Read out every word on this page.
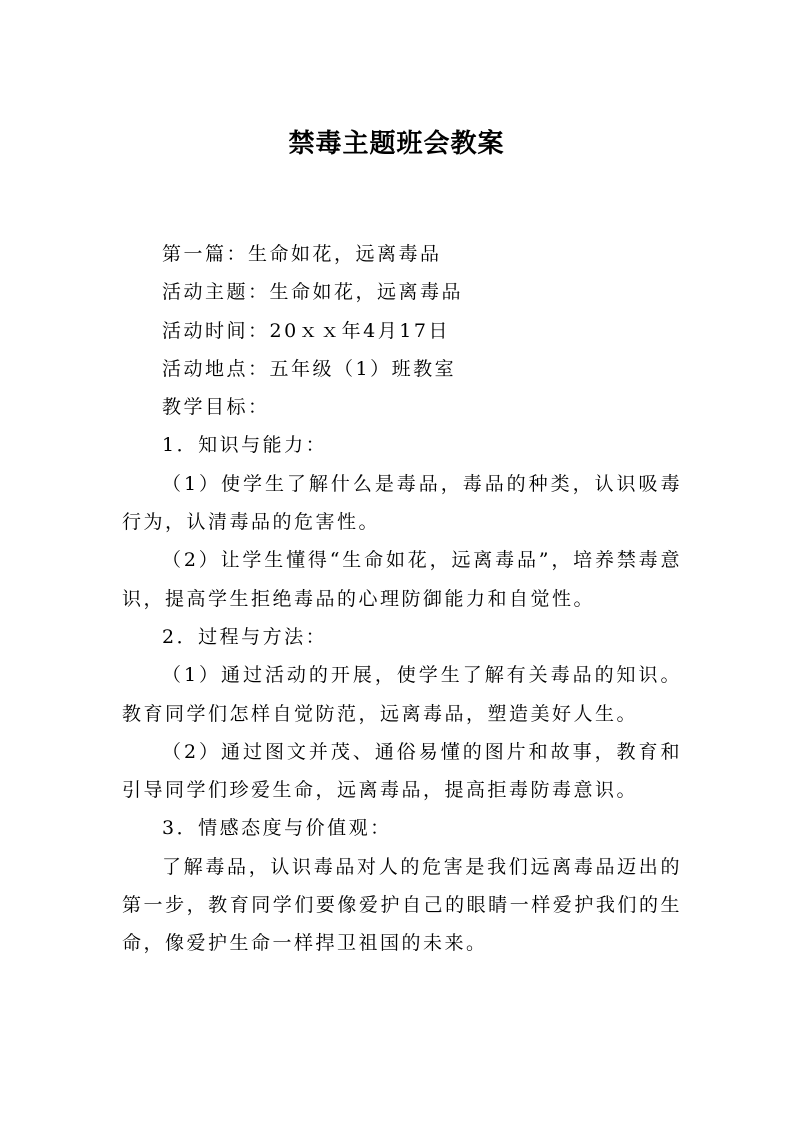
禁毒主题班会教案

第一篇：生命如花，远离毒品

活动主题：生命如花，远离毒品

活动时间：20ｘｘ年4月17日

活动地点：五年级（1）班教室

教学目标：

1．知识与能力：

（1）使学生了解什么是毒品，毒品的种类，认识吸毒行为，认清毒品的危害性。

（2）让学生懂得“生命如花，远离毒品”，培养禁毒意识，提高学生拒绝毒品的心理防御能力和自觉性。

2．过程与方法：

（1）通过活动的开展，使学生了解有关毒品的知识。教育同学们怎样自觉防范，远离毒品，塑造美好人生。

（2）通过图文并茂、通俗易懂的图片和故事，教育和引导同学们珍爱生命，远离毒品，提高拒毒防毒意识。

3．情感态度与价值观：

了解毒品，认识毒品对人的危害是我们远离毒品迈出的第一步，教育同学们要像爱护自己的眼睛一样爱护我们的生命，像爱护生命一样捍卫祖国的未来。
